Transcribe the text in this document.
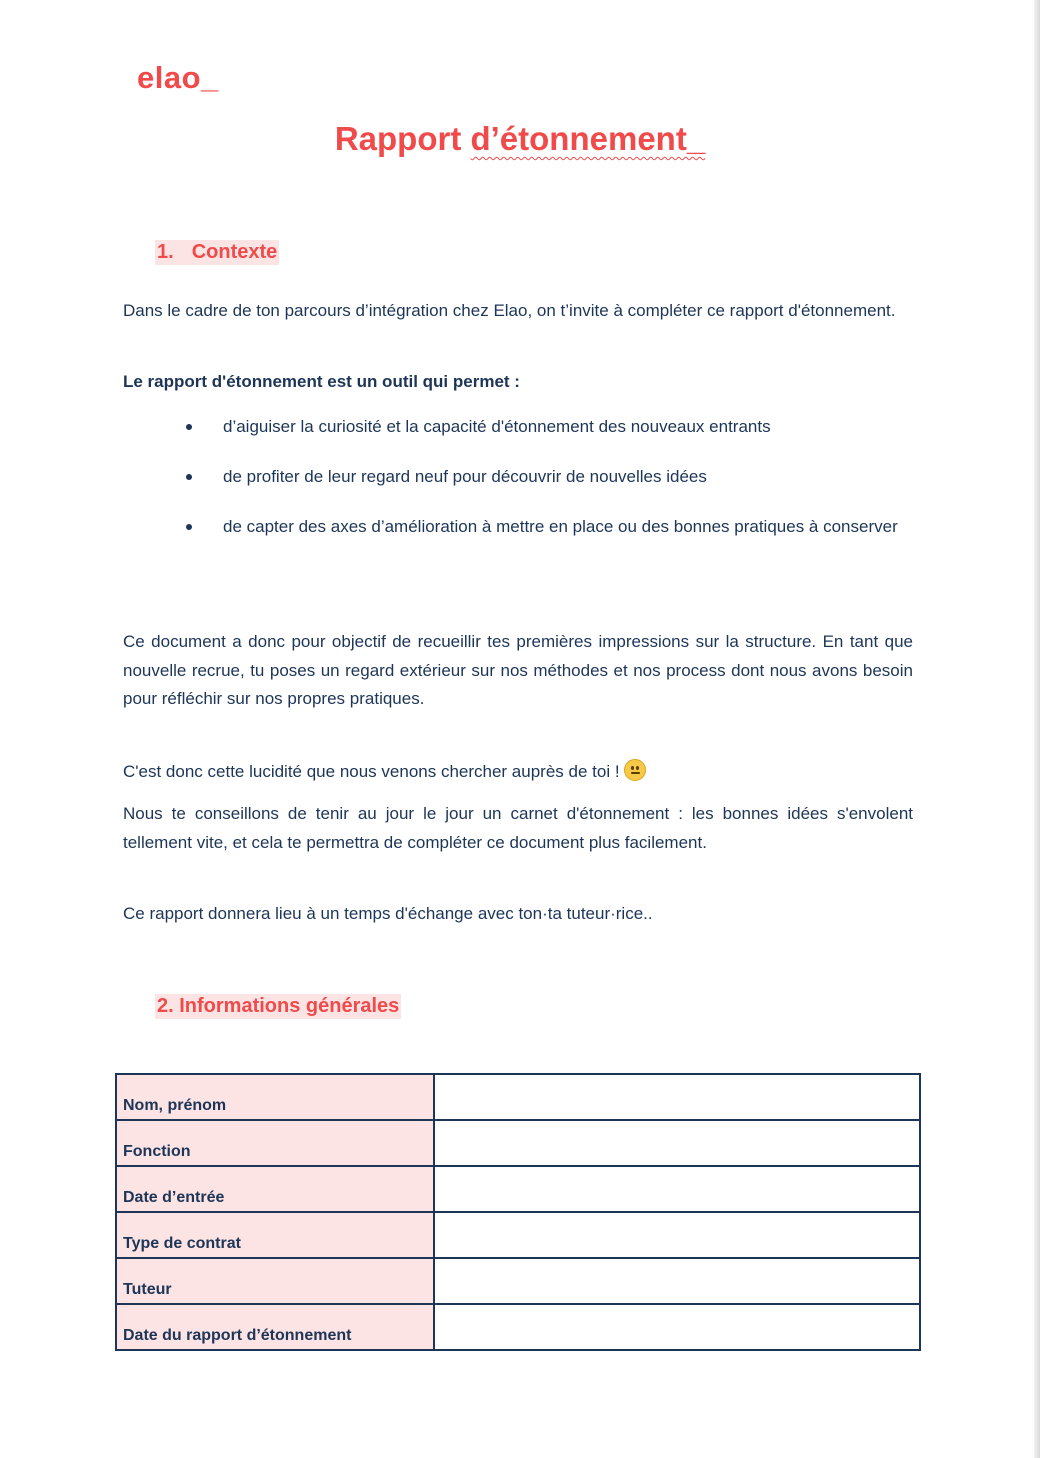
elao_
Rapport d’étonnement_
1. Contexte
Dans le cadre de ton parcours d’intégration chez Elao, on t’invite à compléter ce rapport d'étonnement.
Le rapport d'étonnement est un outil qui permet :
d’aiguiser la curiosité et la capacité d'étonnement des nouveaux entrants
de profiter de leur regard neuf pour découvrir de nouvelles idées
de capter des axes d’amélioration à mettre en place ou des bonnes pratiques à conserver
Ce document a donc pour objectif de recueillir tes premières impressions sur la structure. En tant que nouvelle recrue, tu poses un regard extérieur sur nos méthodes et nos process dont nous avons besoin pour réfléchir sur nos propres pratiques.
C'est donc cette lucidité que nous venons chercher auprès de toi !
Nous te conseillons de tenir au jour le jour un carnet d'étonnement : les bonnes idées s'envolent tellement vite, et cela te permettra de compléter ce document plus facilement.
Ce rapport donnera lieu à un temps d'échange avec ton·ta tuteur·rice..
2. Informations générales
Nom, prénom	
Fonction	
Date d’entrée	
Type de contrat	
Tuteur	
Date du rapport d’étonnement	
